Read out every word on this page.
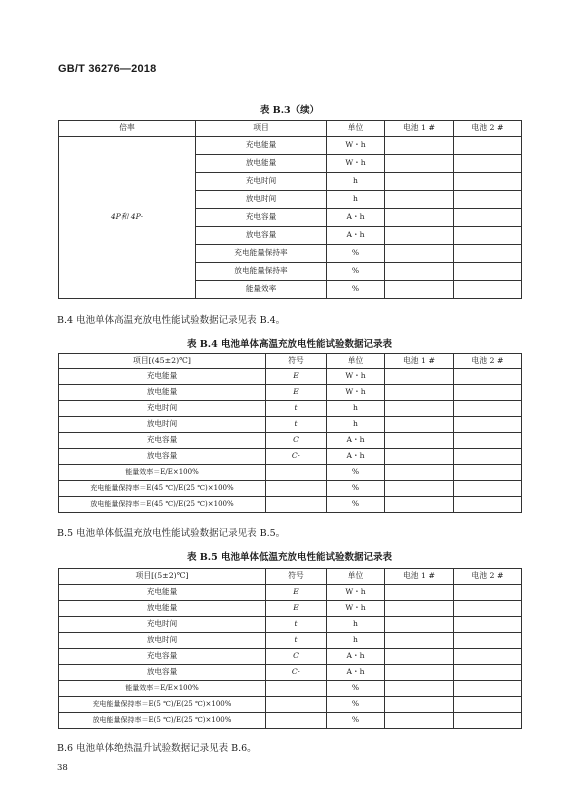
GB/T 36276—2018
表 B.3（续）
倍率	项目	单位	电池 1 #	电池 2 #
4P和 4P·	充电能量	W・h		
	放电能量	W・h		
	充电时间	h		
	放电时间	h		
	充电容量	A・h		
	放电容量	A・h		
	充电能量保持率	%		
	放电能量保持率	%		
	能量效率	%		
B.4 电池单体高温充放电性能试验数据记录见表 B.4。
表 B.4 电池单体高温充放电性能试验数据记录表
项目[(45±2)℃]	符号	单位	电池 1 #	电池 2 #
充电能量	E	W・h		
放电能量	E	W・h		
充电时间	t	h		
放电时间	t	h		
充电容量	C	A・h		
放电容量	C·	A・h		
能量效率＝E/E×100%		%		
充电能量保持率＝E(45 ℃)/E(25 ℃)×100%		%		
放电能量保持率＝E(45 ℃)/E(25 ℃)×100%		%		
B.5 电池单体低温充放电性能试验数据记录见表 B.5。
表 B.5 电池单体低温充放电性能试验数据记录表
项目[(5±2)℃]	符号	单位	电池 1 #	电池 2 #
充电能量	E	W・h		
放电能量	E	W・h		
充电时间	t	h		
放电时间	t	h		
充电容量	C	A・h		
放电容量	C·	A・h		
能量效率＝E/E×100%		%		
充电能量保持率＝E(5 ℃)/E(25 ℃)×100%		%		
放电能量保持率＝E(5 ℃)/E(25 ℃)×100%		%		
B.6 电池单体绝热温升试验数据记录见表 B.6。
38
